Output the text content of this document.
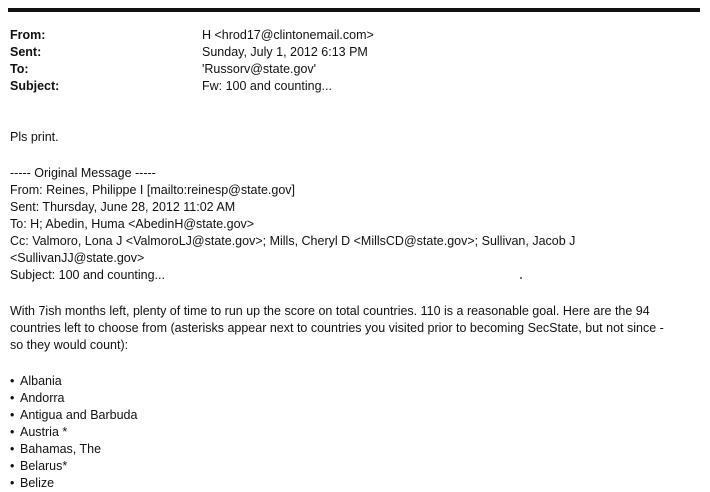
From:	H <hrod17@clintonemail.com>
Sent:	Sunday, July 1, 2012 6:13 PM
To:	'Russorv@state.gov'
Subject:	Fw: 100 and counting...
Pls print.
----- Original Message -----
From: Reines, Philippe I [mailto:reinesp@state.gov]
Sent: Thursday, June 28, 2012 11:02 AM
To: H; Abedin, Huma <AbedinH@state.gov>
Cc: Valmoro, Lona J <ValmoroLJ@state.gov>; Mills, Cheryl D <MillsCD@state.gov>; Sullivan, Jacob J
<SullivanJJ@state.gov>
Subject: 100 and counting...
With 7ish months left, plenty of time to run up the score on total countries. 110 is a reasonable goal. Here are the 94
countries left to choose from (asterisks appear next to countries you visited prior to becoming SecState, but not since -
so they would count):
• Albania
• Andorra
• Antigua and Barbuda
• Austria *
• Bahamas, The
• Belarus*
• Belize
